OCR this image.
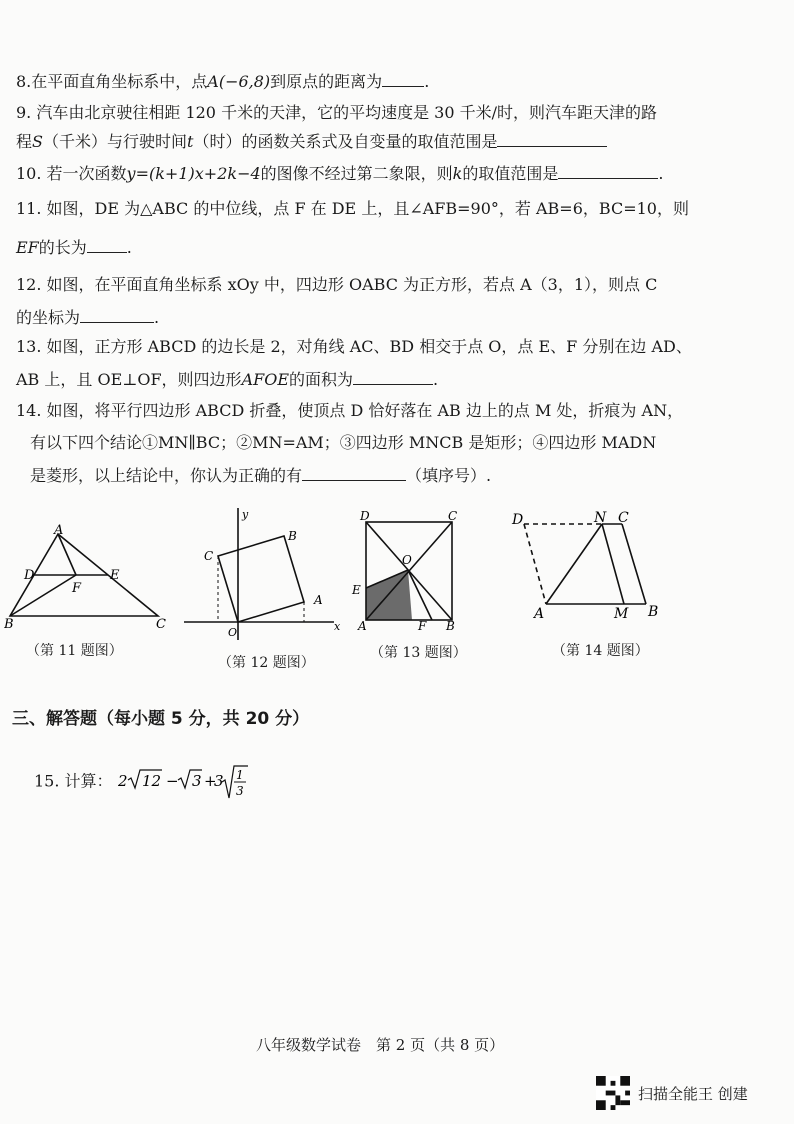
8.在平面直角坐标系中，点A(−6,8)到原点的距离为	.
9. 汽车由北京驶往相距 120 千米的天津，它的平均速度是 30 千米/时，则汽车距天津的路
程S（千米）与行驶时间t（时）的函数关系式及自变量的取值范围是
10. 若一次函数y=(k+1)x+2k−4的图像不经过第二象限，则k的取值范围是	.
11. 如图，DE 为△ABC 的中位线，点 F 在 DE 上，且∠AFB=90°，若 AB=6，BC=10，则
EF的长为	.
12. 如图，在平面直角坐标系 xOy 中，四边形 OABC 为正方形，若点 A（3，1），则点 C
的坐标为	.
13. 如图，正方形 ABCD 的边长是 2，对角线 AC、BD 相交于点 O，点 E、F 分别在边 AD、
AB 上，且 OE⊥OF，则四边形AFOE的面积为	.
14. 如图，将平行四边形 ABCD 折叠，使顶点 D 恰好落在 AB 边上的点 M 处，折痕为 AN，
有以下四个结论①MN∥BC；②MN=AM；③四边形 MNCB 是矩形；④四边形 MADN
是菱形，以上结论中，你认为正确的有	（填序号）.
A
B	C
D	E
F
（第 11 题图）
A
B
C
O	x
y
（第 12 题图）
A	B
C
D
E
F
O
（第 13 题图）
D	N C
A	M B
（第 14 题图）
三、解答题（每小题 5 分，共 20 分）
15. 计算： 2 12 − 3 +
3 1
3
八年级数学试卷　第 2 页（共 8 页）
扫描全能王 创建
